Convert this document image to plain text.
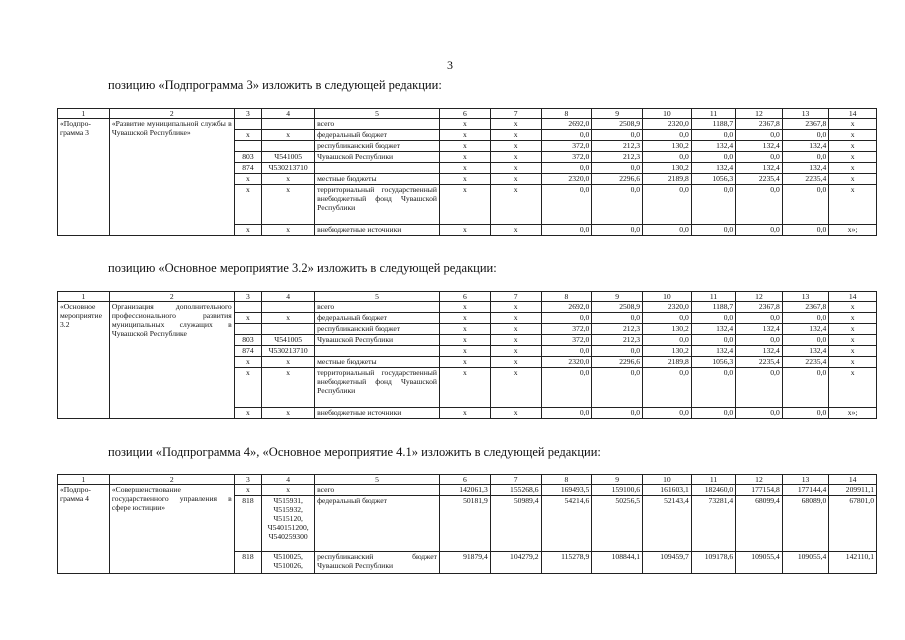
3
позицию «Подпрограмма 3» изложить в следующей редакции:
позицию «Основное мероприятие 3.2» изложить в следующей редакции:
позиции «Подпрограмма 4», «Основное мероприятие 4.1» изложить в следующей редакции:
1	2	3	4	5	6	7	8	9	10	11	12	13	14
«Подпро-грамма 3	«Развитие муниципальной службы в Чувашской Республике»			всего	х	х	2692,0	2508,9	2320,0	1188,7	2367,8	2367,8	х
		х	х	федеральный бюджет	х	х	0,0	0,0	0,0	0,0	0,0	0,0	х
				республиканский бюджет	х	х	372,0	212,3	130,2	132,4	132,4	132,4	х
		803	Ч541005	Чувашской Республики	х	х	372,0	212,3	0,0	0,0	0,0	0,0	х
		874	Ч530213710		х	х	0,0	0,0	130,2	132,4	132,4	132,4	х
		х	х	местные бюджеты	х	х	2320,0	2296,6	2189,8	1056,3	2235,4	2235,4	х
		х	х	территориальный государственный внебюджетный фонд Чувашской Республики	х	х	0,0	0,0	0,0	0,0	0,0	0,0	х
		х	х	внебюджетные источники	х	х	0,0	0,0	0,0	0,0	0,0	0,0	х»;
1	2	3	4	5	6	7	8	9	10	11	12	13	14
«Основное мероприятие 3.2	Организация дополнительного профессионального развития муниципальных служащих в Чувашской Республике			всего	х	х	2692,0	2508,9	2320,0	1188,7	2367,8	2367,8	х
		х	х	федеральный бюджет	х	х	0,0	0,0	0,0	0,0	0,0	0,0	х
				республиканский бюджет	х	х	372,0	212,3	130,2	132,4	132,4	132,4	х
		803	Ч541005	Чувашской Республики	х	х	372,0	212,3	0,0	0,0	0,0	0,0	х
		874	Ч530213710		х	х	0,0	0,0	130,2	132,4	132,4	132,4	х
		х	х	местные бюджеты	х	х	2320,0	2296,6	2189,8	1056,3	2235,4	2235,4	х
		х	х	территориальный государственный внебюджетный фонд Чувашской Республики	х	х	0,0	0,0	0,0	0,0	0,0	0,0	х
		х	х	внебюджетные источники	х	х	0,0	0,0	0,0	0,0	0,0	0,0	х»;
1	2	3	4	5	6	7	8	9	10	11	12	13	14
«Подпро-грамма 4	«Совершенствование государственного управления в сфере юстиции»	х	х	всего	142061,3	155268,6	169493,5	159100,6	161603,1	182460,0	177154,8	177144,4	209911,1
		818	Ч515931, Ч515932, Ч515120, Ч540151200, Ч540259300	федеральный бюджет	50181,9	50989,4	54214,6	50256,5	52143,4	73281,4	68099,4	68089,0	67801,0
		818	Ч510025, Ч510026,	республиканский бюджет Чувашской Республики	91879,4	104279,2	115278,9	108844,1	109459,7	109178,6	109055,4	109055,4	142110,1
